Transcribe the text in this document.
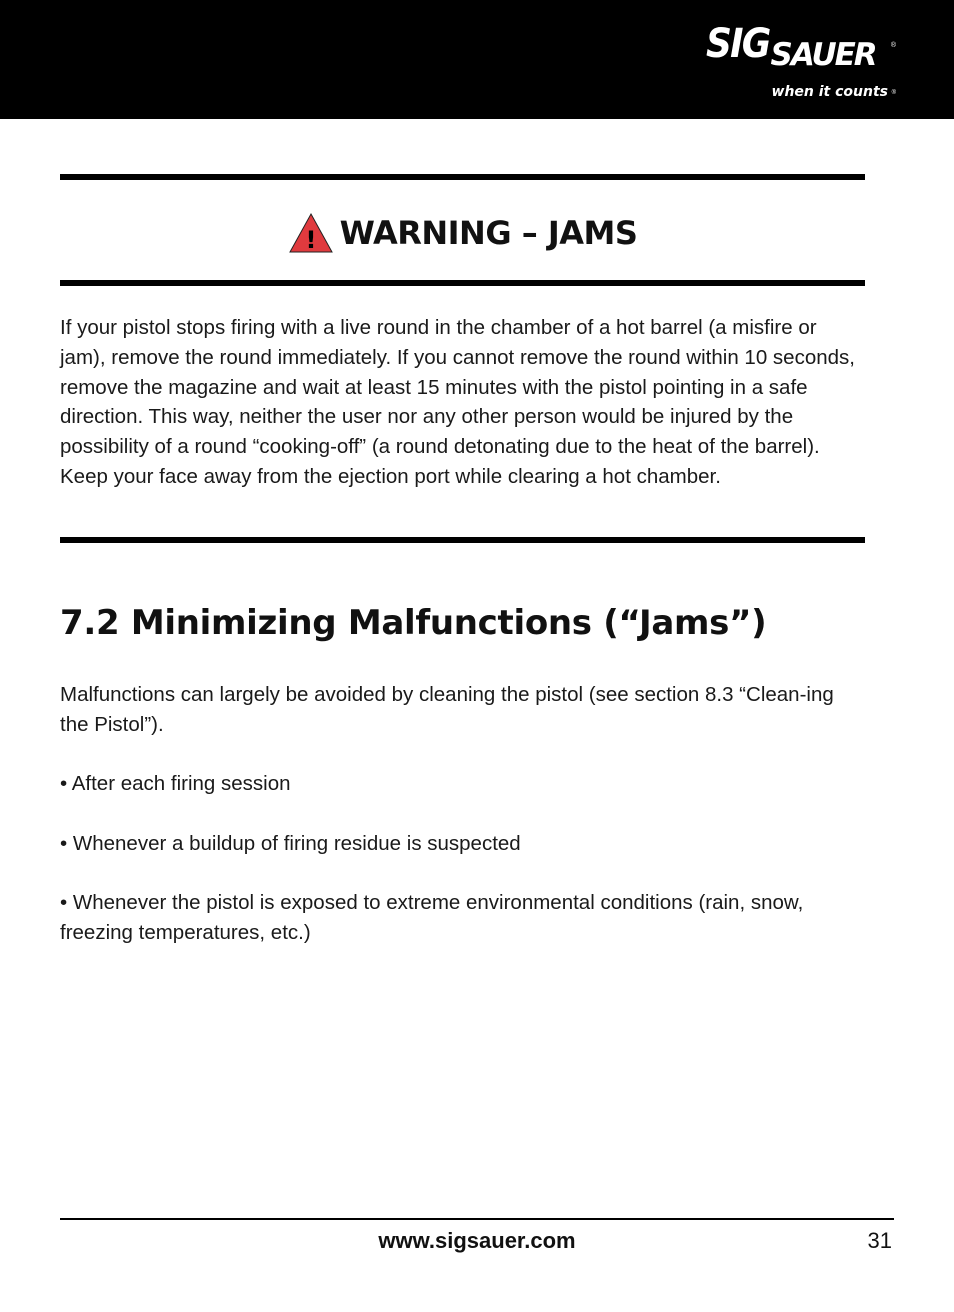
SIGSAUER ®
when it counts ®
! WARNING – JAMS

If your pistol stops firing with a live round in the chamber of a hot barrel (a misfire or jam), remove the round immediately. If you cannot remove the round within 10 seconds, remove the magazine and wait at least 15 minutes with the pistol pointing in a safe direction. This way, neither the user nor any other person would be injured by the possibility of a round “cooking-off” (a round detonating due to the heat of the barrel). Keep your face away from the ejection port while clearing a hot chamber.

7.2 Minimizing Malfunctions (“Jams”)

Malfunctions can largely be avoided by cleaning the pistol (see section 8.3 “Clean-ing the Pistol”).

• After each firing session

• Whenever a buildup of firing residue is suspected

• Whenever the pistol is exposed to extreme environmental conditions (rain, snow, freezing temperatures, etc.)

www.sigsauer.com	31
